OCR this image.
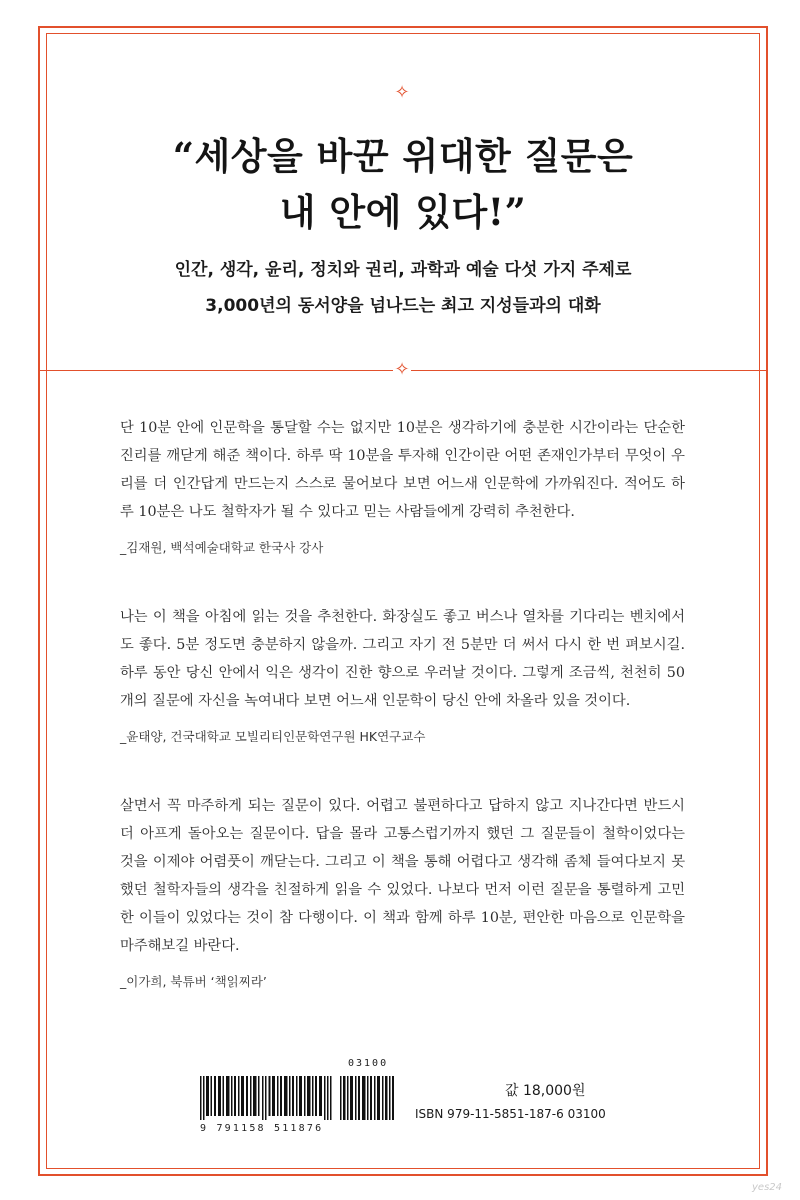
✧
“세상을 바꾼 위대한 질문은
내 안에 있다!”
인간, 생각, 윤리, 정치와 권리, 과학과 예술 다섯 가지 주제로
3,000년의 동서양을 넘나드는 최고 지성들과의 대화
✧

단 10분 안에 인문학을 통달할 수는 없지만 10분은 생각하기에 충분한 시간이라는 단순한 진리를 깨닫게 해준 책이다. 하루 딱 10분을 투자해 인간이란 어떤 존재인가부터 무엇이 우리를 더 인간답게 만드는지 스스로 물어보다 보면 어느새 인문학에 가까워진다. 적어도 하루 10분은 나도 철학자가 될 수 있다고 믿는 사람들에게 강력히 추천한다.

_김재원, 백석예술대학교 한국사 강사

나는 이 책을 아침에 읽는 것을 추천한다. 화장실도 좋고 버스나 열차를 기다리는 벤치에서도 좋다. 5분 정도면 충분하지 않을까. 그리고 자기 전 5분만 더 써서 다시 한 번 펴보시길. 하루 동안 당신 안에서 익은 생각이 진한 향으로 우러날 것이다. 그렇게 조금씩, 천천히 50개의 질문에 자신을 녹여내다 보면 어느새 인문학이 당신 안에 차올라 있을 것이다.

_윤태양, 건국대학교 모빌리티인문학연구원 HK연구교수

살면서 꼭 마주하게 되는 질문이 있다. 어렵고 불편하다고 답하지 않고 지나간다면 반드시 더 아프게 돌아오는 질문이다. 답을 몰라 고통스럽기까지 했던 그 질문들이 철학이었다는 것을 이제야 어렴풋이 깨닫는다. 그리고 이 책을 통해 어렵다고 생각해 좀체 들여다보지 못했던 철학자들의 생각을 친절하게 읽을 수 있었다. 나보다 먼저 이런 질문을 통렬하게 고민한 이들이 있었다는 것이 참 다행이다. 이 책과 함께 하루 10분, 편안한 마음으로 인문학을 마주해보길 바란다.

_이가희, 북튜버 ‘책읽찌라’
03100
9 791158 511876
값 18,000원
ISBN 979-11-5851-187-6 03100
yes24
